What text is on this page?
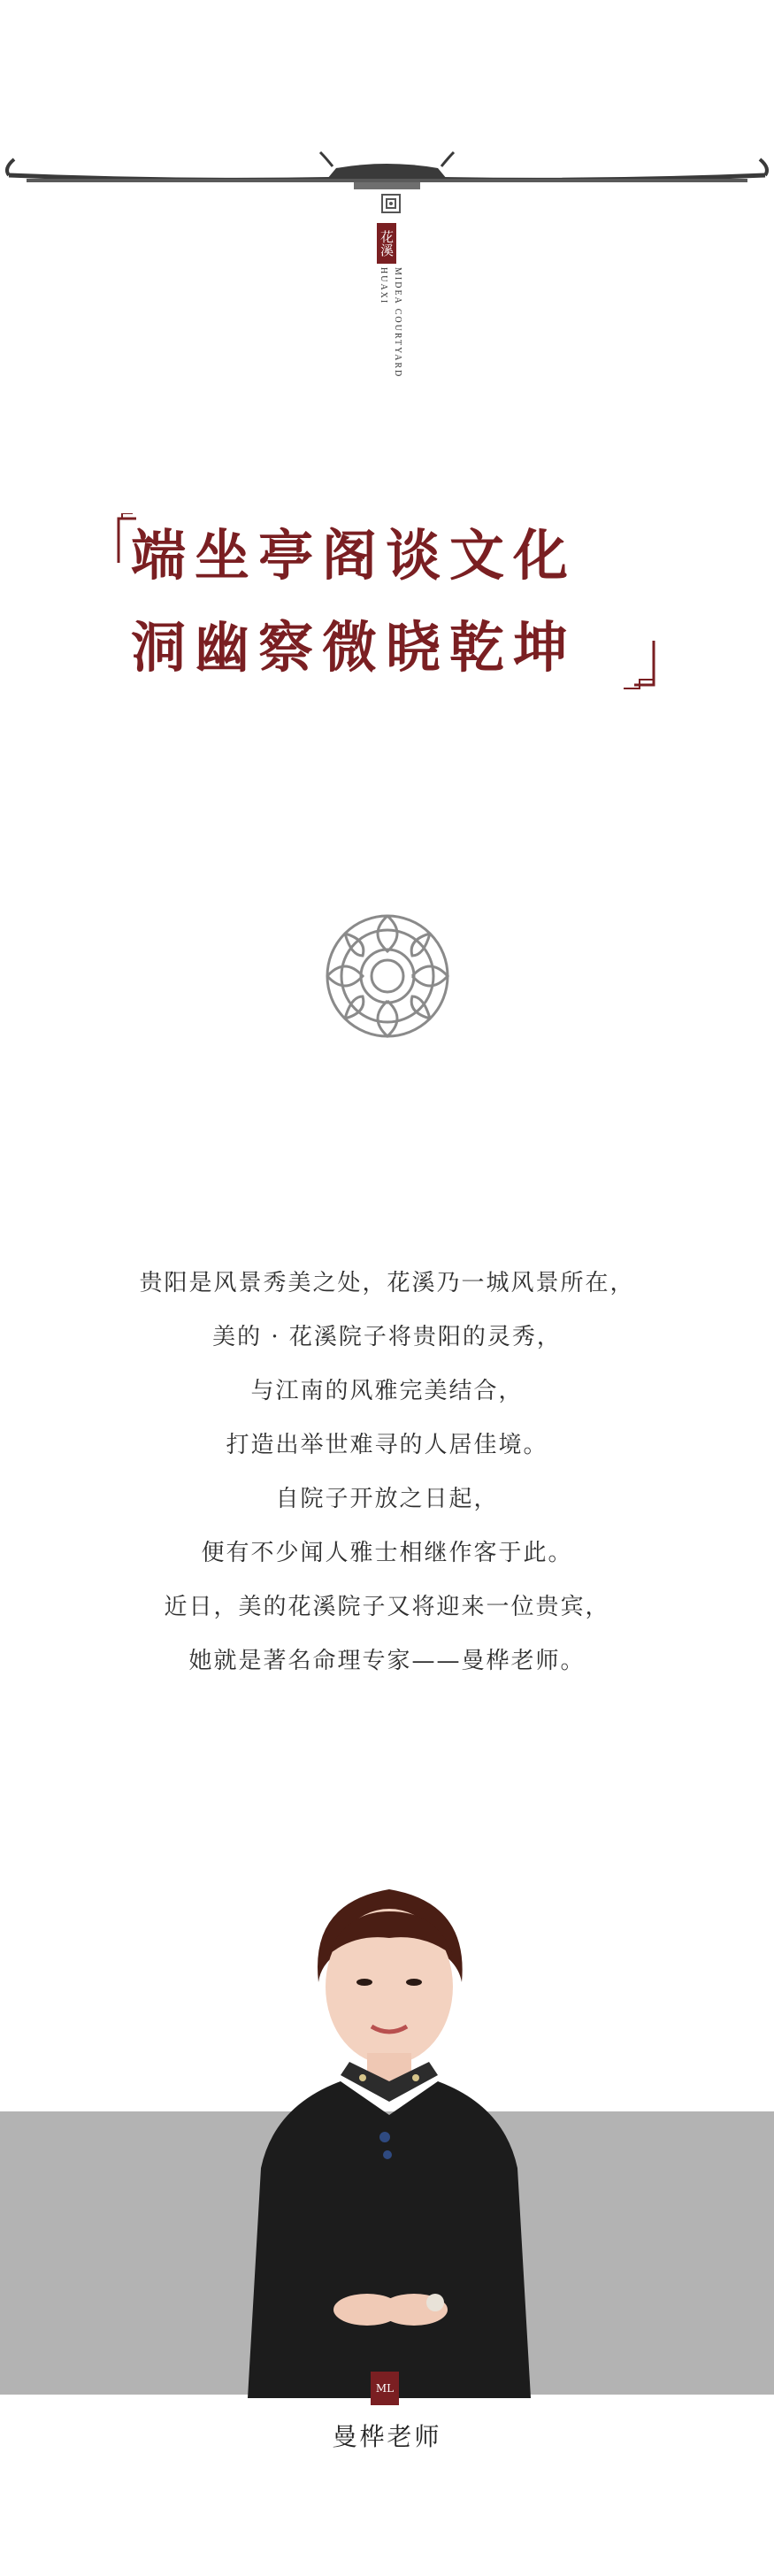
花溪
HUAXI MIDEA COURTYARD
端坐亭阁谈文化
洞幽察微晓乾坤

贵阳是风景秀美之处，花溪乃一城风景所在，

美的 · 花溪院子将贵阳的灵秀，

与江南的风雅完美结合，

打造出举世难寻的人居佳境。

自院子开放之日起，

便有不少闻人雅士相继作客于此。

近日，美的花溪院子又将迎来一位贵宾，

她就是著名命理专家——曼桦老师。

ML
曼桦老师
